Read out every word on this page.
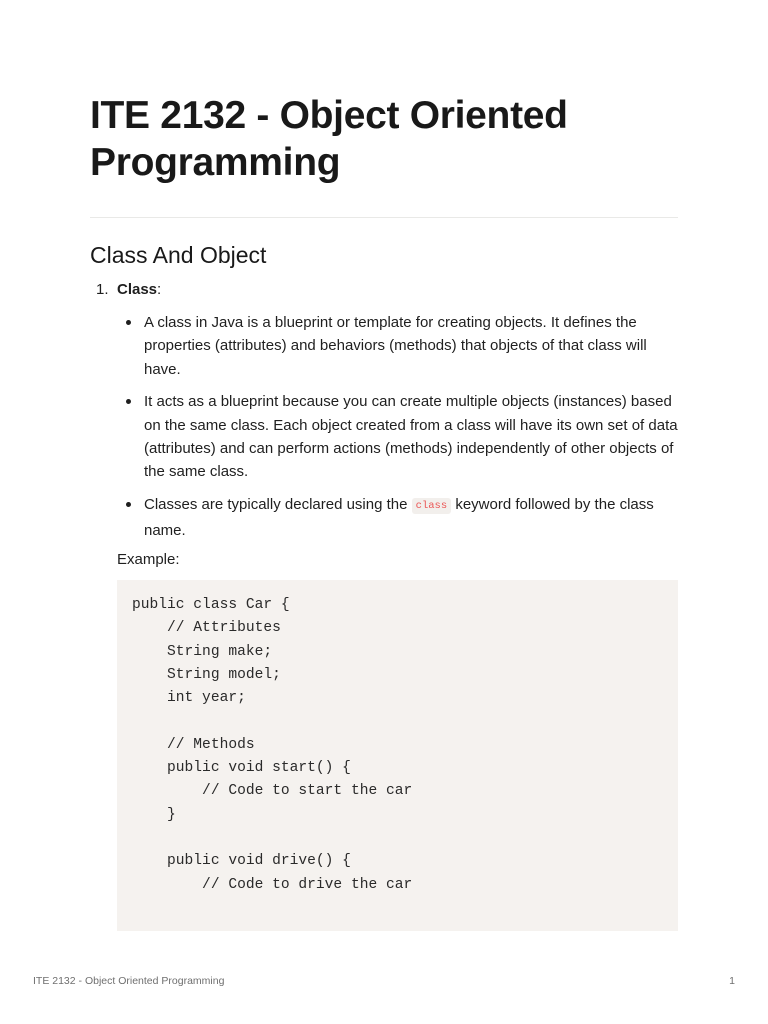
ITE 2132 - Object Oriented Programming
Class And Object
1. Class:
A class in Java is a blueprint or template for creating objects. It defines the properties (attributes) and behaviors (methods) that objects of that class will have.
It acts as a blueprint because you can create multiple objects (instances) based on the same class. Each object created from a class will have its own set of data (attributes) and can perform actions (methods) independently of other objects of the same class.
Classes are typically declared using the class keyword followed by the class name.
Example:
public class Car {
// Attributes
String make;
String model;
int year;
// Methods
public void start() {
// Code to start the car
}
public void drive() {
// Code to drive the car
ITE 2132 - Object Oriented Programming	1
